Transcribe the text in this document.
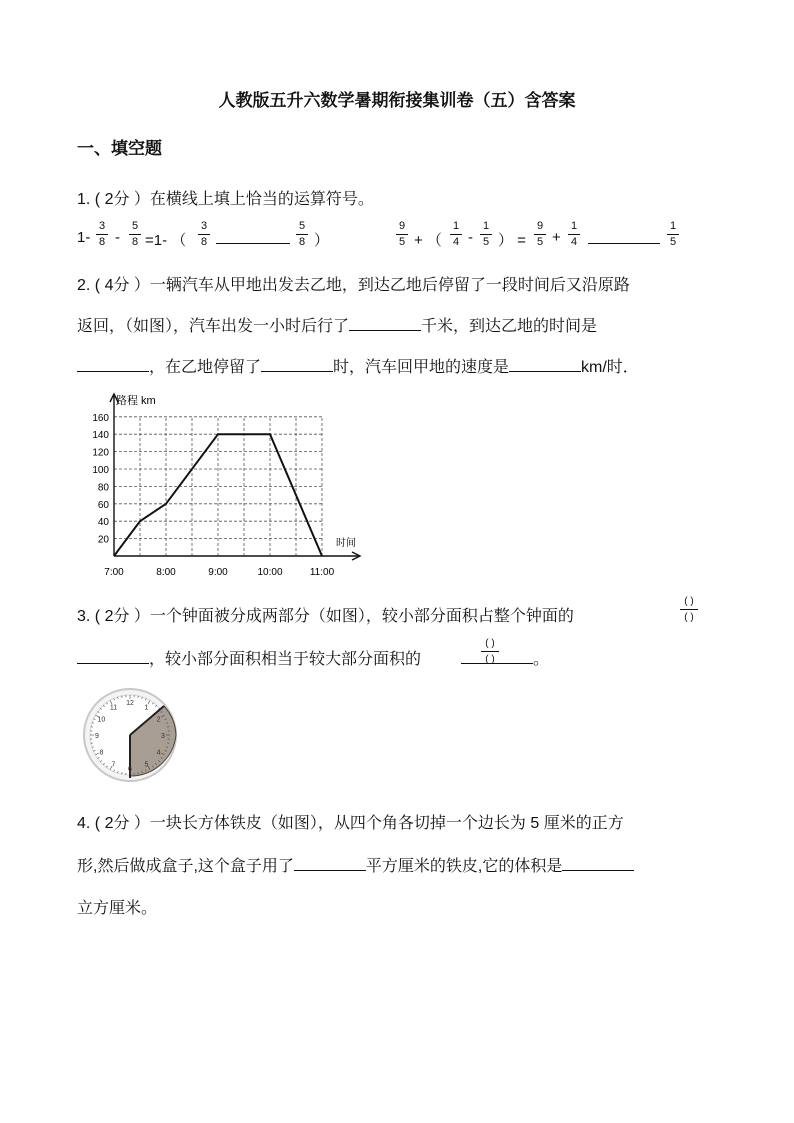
人教版五升六数学暑期衔接集训卷（五）含答案
一、填空题
1. ( 2分 ）在横线上填上恰当的运算符号。
1-
3
8 -
5
8 =1- （
3
8
5
8 ）
9
5 + （
1
4 -
1
5 ） =
9
5 +
1
4
1
5
2. ( 4分 ）一辆汽车从甲地出发去乙地，到达乙地后停留了一段时间后又沿原路
返回，（如图），汽车出发一小时后行了	千米，到达乙地的时间是
，在乙地停留了	时，汽车回甲地的速度是	km/时．
20
40
60
80
100
120
140
160
7:00	8:00	9:00	10:00	11:00
路程 km
时间
3. ( 2分 ）一个钟面被分成两部分（如图），较小部分面积占整个钟面的
( )
( )
，较小部分面积相当于较大部分面积的	。
( )
( )
12
1
2
3
4
5
6
7
8
9
10
11
4. ( 2分 ）一块长方体铁皮（如图），从四个角各切掉一个边长为 5 厘米的正方
形,然后做成盒子,这个盒子用了	平方厘米的铁皮,它的体积是
立方厘米。
